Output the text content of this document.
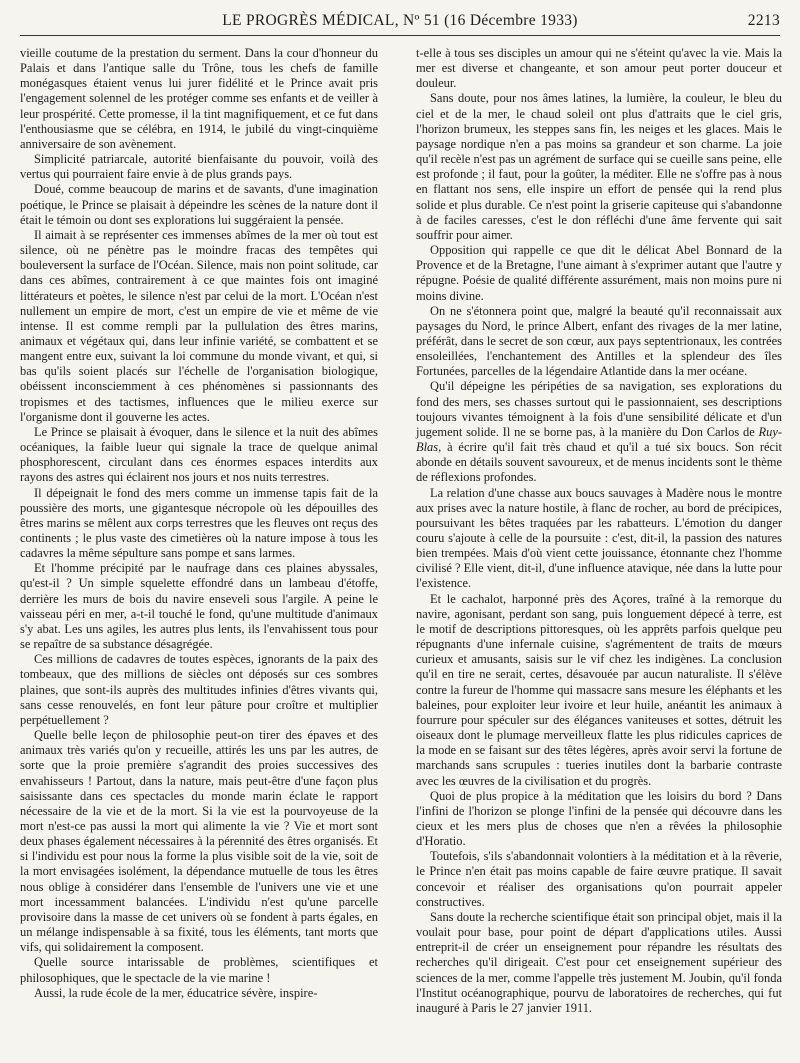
LE PROGRÈS MÉDICAL, Nº 51 (16 Décembre 1933)	2213

vieille coutume de la prestation du serment. Dans la cour d'honneur du Palais et dans l'antique salle du Trône, tous les chefs de famille monégasques étaient venus lui jurer fidélité et le Prince avait pris l'engagement solennel de les protéger comme ses enfants et de veiller à leur prospérité. Cette promesse, il la tint magnifiquement, et ce fut dans l'enthousiasme que se célébra, en 1914, le jubilé du vingt-cinquième anniversaire de son avènement.

Simplicité patriarcale, autorité bienfaisante du pouvoir, voilà des vertus qui pourraient faire envie à de plus grands pays.

Doué, comme beaucoup de marins et de savants, d'une imagination poétique, le Prince se plaisait à dépeindre les scènes de la nature dont il était le témoin ou dont ses explorations lui suggéraient la pensée.

Il aimait à se représenter ces immenses abîmes de la mer où tout est silence, où ne pénètre pas le moindre fracas des tempêtes qui bouleversent la surface de l'Océan. Silence, mais non point solitude, car dans ces abîmes, contrairement à ce que maintes fois ont imaginé littérateurs et poètes, le silence n'est par celui de la mort. L'Océan n'est nullement un empire de mort, c'est un empire de vie et même de vie intense. Il est comme rempli par la pullulation des êtres marins, animaux et végétaux qui, dans leur infinie variété, se combattent et se mangent entre eux, suivant la loi commune du monde vivant, et qui, si bas qu'ils soient placés sur l'échelle de l'organisation biologique, obéissent inconsciemment à ces phénomènes si passionnants des tropismes et des tactismes, influences que le milieu exerce sur l'organisme dont il gouverne les actes.

Le Prince se plaisait à évoquer, dans le silence et la nuit des abîmes océaniques, la faible lueur qui signale la trace de quelque animal phosphorescent, circulant dans ces énormes espaces interdits aux rayons des astres qui éclairent nos jours et nos nuits terrestres.

Il dépeignait le fond des mers comme un immense tapis fait de la poussière des morts, une gigantesque nécropole où les dépouilles des êtres marins se mêlent aux corps terrestres que les fleuves ont reçus des continents ; le plus vaste des cimetières où la nature impose à tous les cadavres la même sépulture sans pompe et sans larmes.

Et l'homme précipité par le naufrage dans ces plaines abyssales, qu'est-il ? Un simple squelette effondré dans un lambeau d'étoffe, derrière les murs de bois du navire enseveli sous l'argile. A peine le vaisseau péri en mer, a-t-il touché le fond, qu'une multitude d'animaux s'y abat. Les uns agiles, les autres plus lents, ils l'envahissent tous pour se repaître de sa substance désagrégée.

Ces millions de cadavres de toutes espèces, ignorants de la paix des tombeaux, que des millions de siècles ont déposés sur ces sombres plaines, que sont-ils auprès des multitudes infinies d'êtres vivants qui, sans cesse renouvelés, en font leur pâture pour croître et multiplier perpétuellement ?

Quelle belle leçon de philosophie peut-on tirer des épaves et des animaux très variés qu'on y recueille, attirés les uns par les autres, de sorte que la proie première s'agrandit des proies successives des envahisseurs ! Partout, dans la nature, mais peut-être d'une façon plus saisissante dans ces spectacles du monde marin éclate le rapport nécessaire de la vie et de la mort. Si la vie est la pourvoyeuse de la mort n'est-ce pas aussi la mort qui alimente la vie ? Vie et mort sont deux phases également nécessaires à la pérennité des êtres organisés. Et si l'individu est pour nous la forme la plus visible soit de la vie, soit de la mort envisagées isolément, la dépendance mutuelle de tous les êtres nous oblige à considérer dans l'ensemble de l'univers une vie et une mort incessamment balancées. L'individu n'est qu'une parcelle provisoire dans la masse de cet univers où se fondent à parts égales, en un mélange indispensable à sa fixité, tous les éléments, tant morts que vifs, qui solidairement la composent.

Quelle source intarissable de problèmes, scientifiques et philosophiques, que le spectacle de la vie marine !

Aussi, la rude école de la mer, éducatrice sévère, inspire-

t-elle à tous ses disciples un amour qui ne s'éteint qu'avec la vie. Mais la mer est diverse et changeante, et son amour peut porter douceur et douleur.

Sans doute, pour nos âmes latines, la lumière, la couleur, le bleu du ciel et de la mer, le chaud soleil ont plus d'attraits que le ciel gris, l'horizon brumeux, les steppes sans fin, les neiges et les glaces. Mais le paysage nordique n'en a pas moins sa grandeur et son charme. La joie qu'il recèle n'est pas un agrément de surface qui se cueille sans peine, elle est profonde ; il faut, pour la goûter, la méditer. Elle ne s'offre pas à nous en flattant nos sens, elle inspire un effort de pensée qui la rend plus solide et plus durable. Ce n'est point la griserie capiteuse qui s'abandonne à de faciles caresses, c'est le don réfléchi d'une âme fervente qui sait souffrir pour aimer.

Opposition qui rappelle ce que dit le délicat Abel Bonnard de la Provence et de la Bretagne, l'une aimant à s'exprimer autant que l'autre y répugne. Poésie de qualité différente assurément, mais non moins pure ni moins divine.

On ne s'étonnera point que, malgré la beauté qu'il reconnaissait aux paysages du Nord, le prince Albert, enfant des rivages de la mer latine, préférât, dans le secret de son cœur, aux pays septentrionaux, les contrées ensoleillées, l'enchantement des Antilles et la splendeur des îles Fortunées, parcelles de la légendaire Atlantide dans la mer océane.

Qu'il dépeigne les péripéties de sa navigation, ses explorations du fond des mers, ses chasses surtout qui le passionnaient, ses descriptions toujours vivantes témoignent à la fois d'une sensibilité délicate et d'un jugement solide. Il ne se borne pas, à la manière du Don Carlos de Ruy-Blas, à écrire qu'il fait très chaud et qu'il a tué six boucs. Son récit abonde en détails souvent savoureux, et de menus incidents sont le thème de réflexions profondes.

La relation d'une chasse aux boucs sauvages à Madère nous le montre aux prises avec la nature hostile, à flanc de rocher, au bord de précipices, poursuivant les bêtes traquées par les rabatteurs. L'émotion du danger couru s'ajoute à celle de la poursuite : c'est, dit-il, la passion des natures bien trempées. Mais d'où vient cette jouissance, étonnante chez l'homme civilisé ? Elle vient, dit-il, d'une influence atavique, née dans la lutte pour l'existence.

Et le cachalot, harponné près des Açores, traîné à la remorque du navire, agonisant, perdant son sang, puis longuement dépecé à terre, est le motif de descriptions pittoresques, où les apprêts parfois quelque peu répugnants d'une infernale cuisine, s'agrémentent de traits de mœurs curieux et amusants, saisis sur le vif chez les indigènes. La conclusion qu'il en tire ne serait, certes, désavouée par aucun naturaliste. Il s'élève contre la fureur de l'homme qui massacre sans mesure les éléphants et les baleines, pour exploiter leur ivoire et leur huile, anéantit les animaux à fourrure pour spéculer sur des élégances vaniteuses et sottes, détruit les oiseaux dont le plumage merveilleux flatte les plus ridicules caprices de la mode en se faisant sur des têtes légères, après avoir servi la fortune de marchands sans scrupules : tueries inutiles dont la barbarie contraste avec les œuvres de la civilisation et du progrès.

Quoi de plus propice à la méditation que les loisirs du bord ? Dans l'infini de l'horizon se plonge l'infini de la pensée qui découvre dans les cieux et les mers plus de choses que n'en a rêvées la philosophie d'Horatio.

Toutefois, s'ils s'abandonnait volontiers à la méditation et à la rêverie, le Prince n'en était pas moins capable de faire œuvre pratique. Il savait concevoir et réaliser des organisations qu'on pourrait appeler constructives.

Sans doute la recherche scientifique était son principal objet, mais il la voulait pour base, pour point de départ d'applications utiles. Aussi entreprit-il de créer un enseignement pour répandre les résultats des recherches qu'il dirigeait. C'est pour cet enseignement supérieur des sciences de la mer, comme l'appelle très justement M. Joubin, qu'il fonda l'Institut océanographique, pourvu de laboratoires de recherches, qui fut inauguré à Paris le 27 janvier 1911.
